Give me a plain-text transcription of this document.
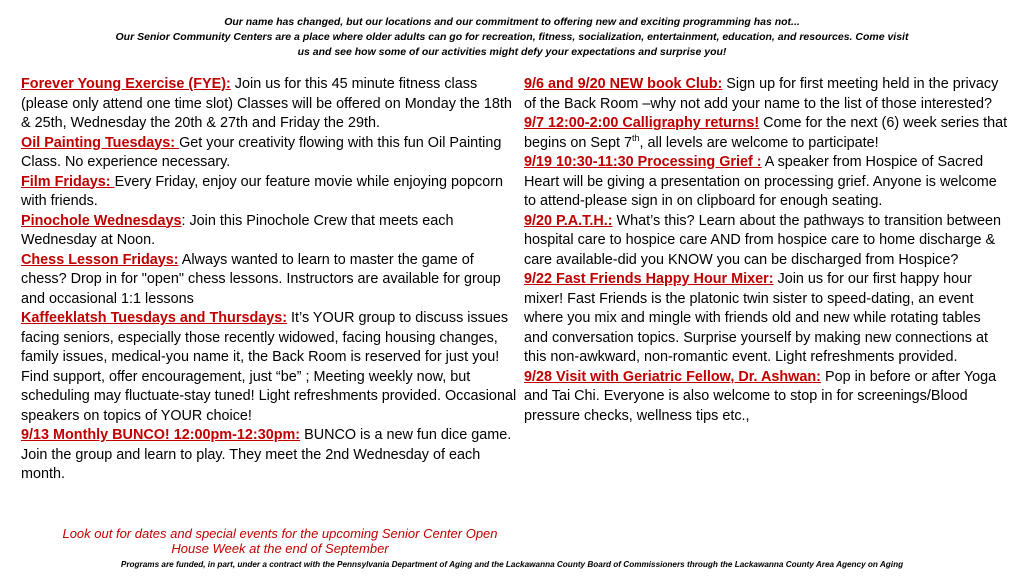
Our name has changed, but our locations and our commitment to offering new and exciting programming has not...
Our Senior Community Centers are a place where older adults can go for recreation, fitness, socialization, entertainment, education, and resources. Come visit
us and see how some of our activities might defy your expectations and surprise you!

Forever Young Exercise (FYE): Join us for this 45 minute fitness class (please only attend one time slot) Classes will be offered on Monday the 18th & 25th, Wednesday the 20th & 27th and Friday the 29th.

Oil Painting Tuesdays: Get your creativity flowing with this fun Oil Painting Class. No experience necessary.

Film Fridays: Every Friday, enjoy our feature movie while enjoying popcorn with friends.

Pinochole Wednesdays: Join this Pinochole Crew that meets each Wednesday at Noon.

Chess Lesson Fridays: Always wanted to learn to master the game of chess? Drop in for "open" chess lessons. Instructors are available for group and occasional 1:1 lessons

Kaffeeklatsh Tuesdays and Thursdays: It’s YOUR group to discuss issues facing seniors, especially those recently widowed, facing housing changes, family issues, medical-you name it, the Back Room is reserved for just you! Find support, offer encouragement, just “be” ; Meeting weekly now, but scheduling may fluctuate-stay tuned! Light refreshments provided. Occasional speakers on topics of YOUR choice!

9/13 Monthly BUNCO! 12:00pm-12:30pm: BUNCO is a new fun dice game. Join the group and learn to play. They meet the 2nd Wednesday of each month.

9/6 and 9/20 NEW book Club: Sign up for first meeting held in the privacy of the Back Room –why not add your name to the list of those interested?

9/7 12:00-2:00 Calligraphy returns! Come for the next (6) week series that begins on Sept 7th, all levels are welcome to participate!

9/19 10:30-11:30 Processing Grief : A speaker from Hospice of Sacred Heart will be giving a presentation on processing grief. Anyone is welcome to attend-please sign in on clipboard for enough seating.

9/20 P.A.T.H.: What’s this? Learn about the pathways to transition between hospital care to hospice care AND from hospice care to home discharge & care available-did you KNOW you can be discharged from Hospice?

9/22 Fast Friends Happy Hour Mixer: Join us for our first happy hour mixer! Fast Friends is the platonic twin sister to speed-dating, an event where you mix and mingle with friends old and new while rotating tables and conversation topics. Surprise yourself by making new connections at this non-awkward, non-romantic event. Light refreshments provided.

9/28 Visit with Geriatric Fellow, Dr. Ashwan: Pop in before or after Yoga and Tai Chi. Everyone is also welcome to stop in for screenings/Blood pressure checks, wellness tips etc.,

Look out for dates and special events for the upcoming Senior Center Open
House Week at the end of September
Programs are funded, in part, under a contract with the Pennsylvania Department of Aging and the Lackawanna County Board of Commissioners through the Lackawanna County Area Agency on Aging
